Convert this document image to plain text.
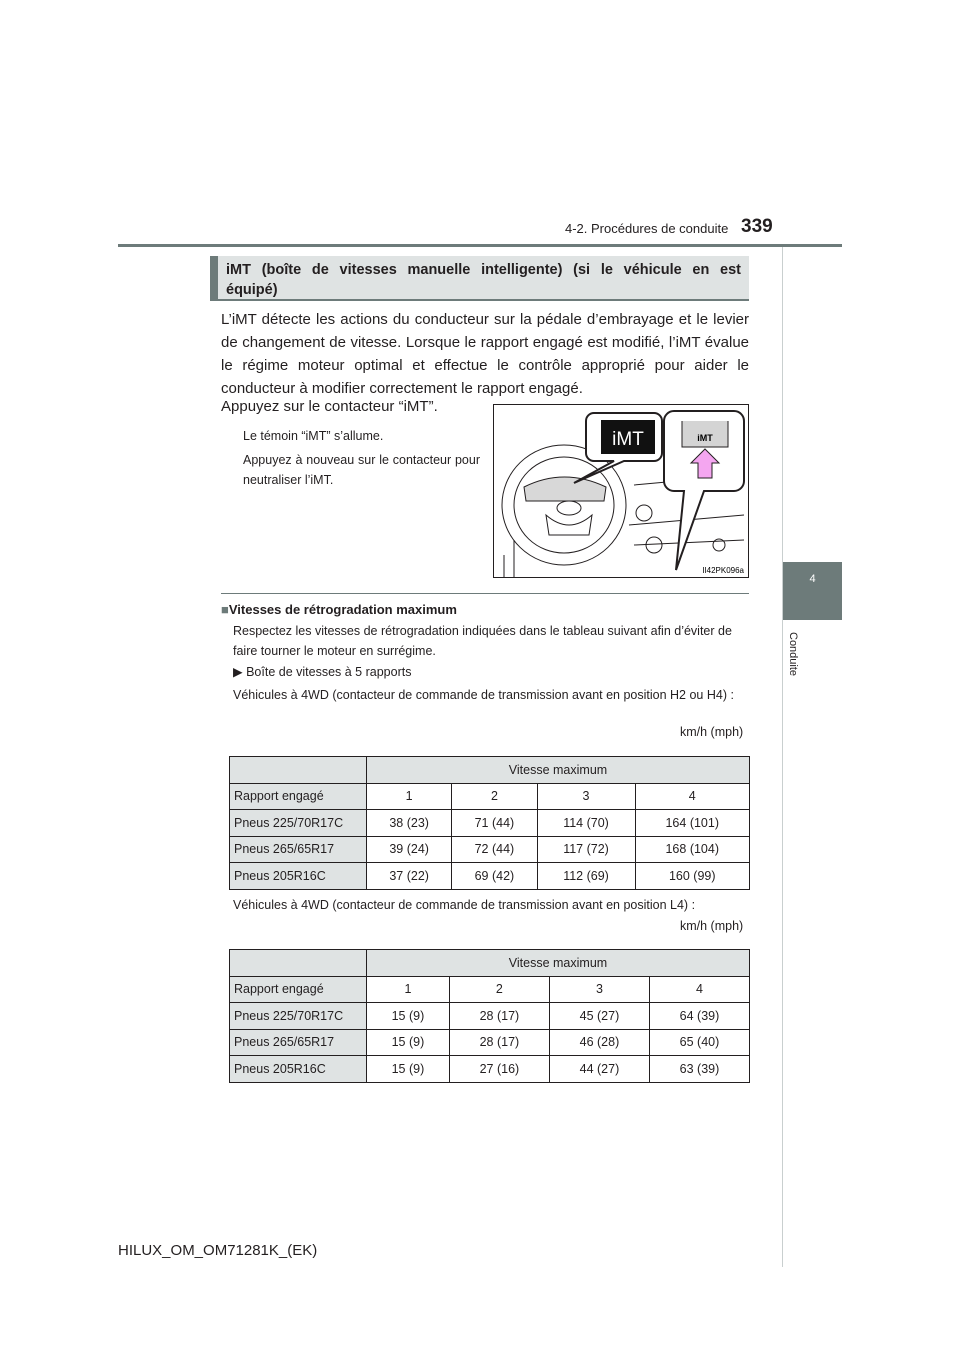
4-2. Procédures de conduite 339
4
Conduite
iMT (boîte de vitesses manuelle intelligente) (si le véhicule en est
équipé)
L’iMT détecte les actions du conducteur sur la pédale d’embrayage et le levier de changement de vitesse. Lorsque le rapport engagé est modifié, l’iMT évalue le régime moteur optimal et effectue le contrôle approprié pour aider le conducteur à modifier correctement le rapport engagé.
Appuyez sur le contacteur “iMT”.
Le témoin “iMT” s’allume.
Appuyez à nouveau sur le contacteur pour neutraliser l’iMT.
iMT	iMT
II42PK096a
■Vitesses de rétrogradation maximum
Respectez les vitesses de rétrogradation indiquées dans le tableau suivant afin d’éviter de faire tourner le moteur en surrégime.
▶ Boîte de vitesses à 5 rapports
Véhicules à 4WD (contacteur de commande de transmission avant en position H2 ou H4) :
km/h (mph)
	Vitesse maximum			
Rapport engagé	1	2	3	4
Pneus 225/70R17C	38 (23)	71 (44)	114 (70)	164 (101)
Pneus 265/65R17	39 (24)	72 (44)	117 (72)	168 (104)
Pneus 205R16C	37 (22)	69 (42)	112 (69)	160 (99)
Véhicules à 4WD (contacteur de commande de transmission avant en position L4) :
km/h (mph)
	Vitesse maximum			
Rapport engagé	1	2	3	4
Pneus 225/70R17C	15 (9)	28 (17)	45 (27)	64 (39)
Pneus 265/65R17	15 (9)	28 (17)	46 (28)	65 (40)
Pneus 205R16C	15 (9)	27 (16)	44 (27)	63 (39)
HILUX_OM_OM71281K_(EK)
